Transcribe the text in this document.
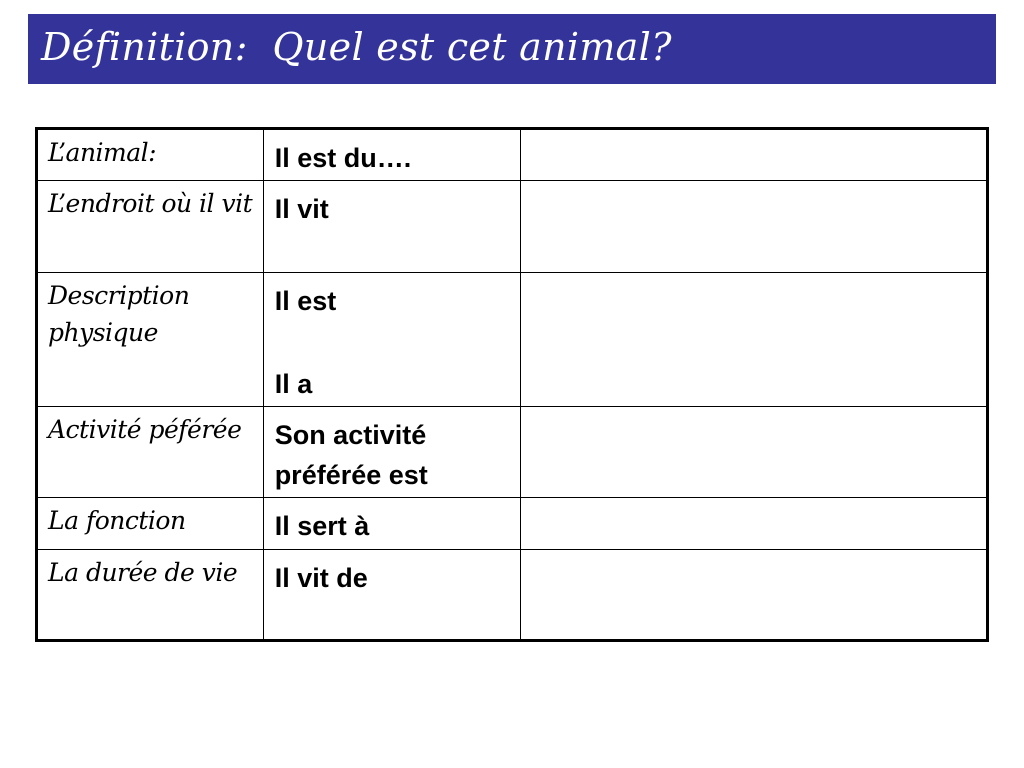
Définition:  Quel est cet animal?
L’animal:	Il est du….	

L’endroit où il vit	Il vit	

Description physique	Il est
Il a	

Activité péférée	Son activité préférée est	

La fonction	Il sert à	

La durée de vie	Il vit de	
